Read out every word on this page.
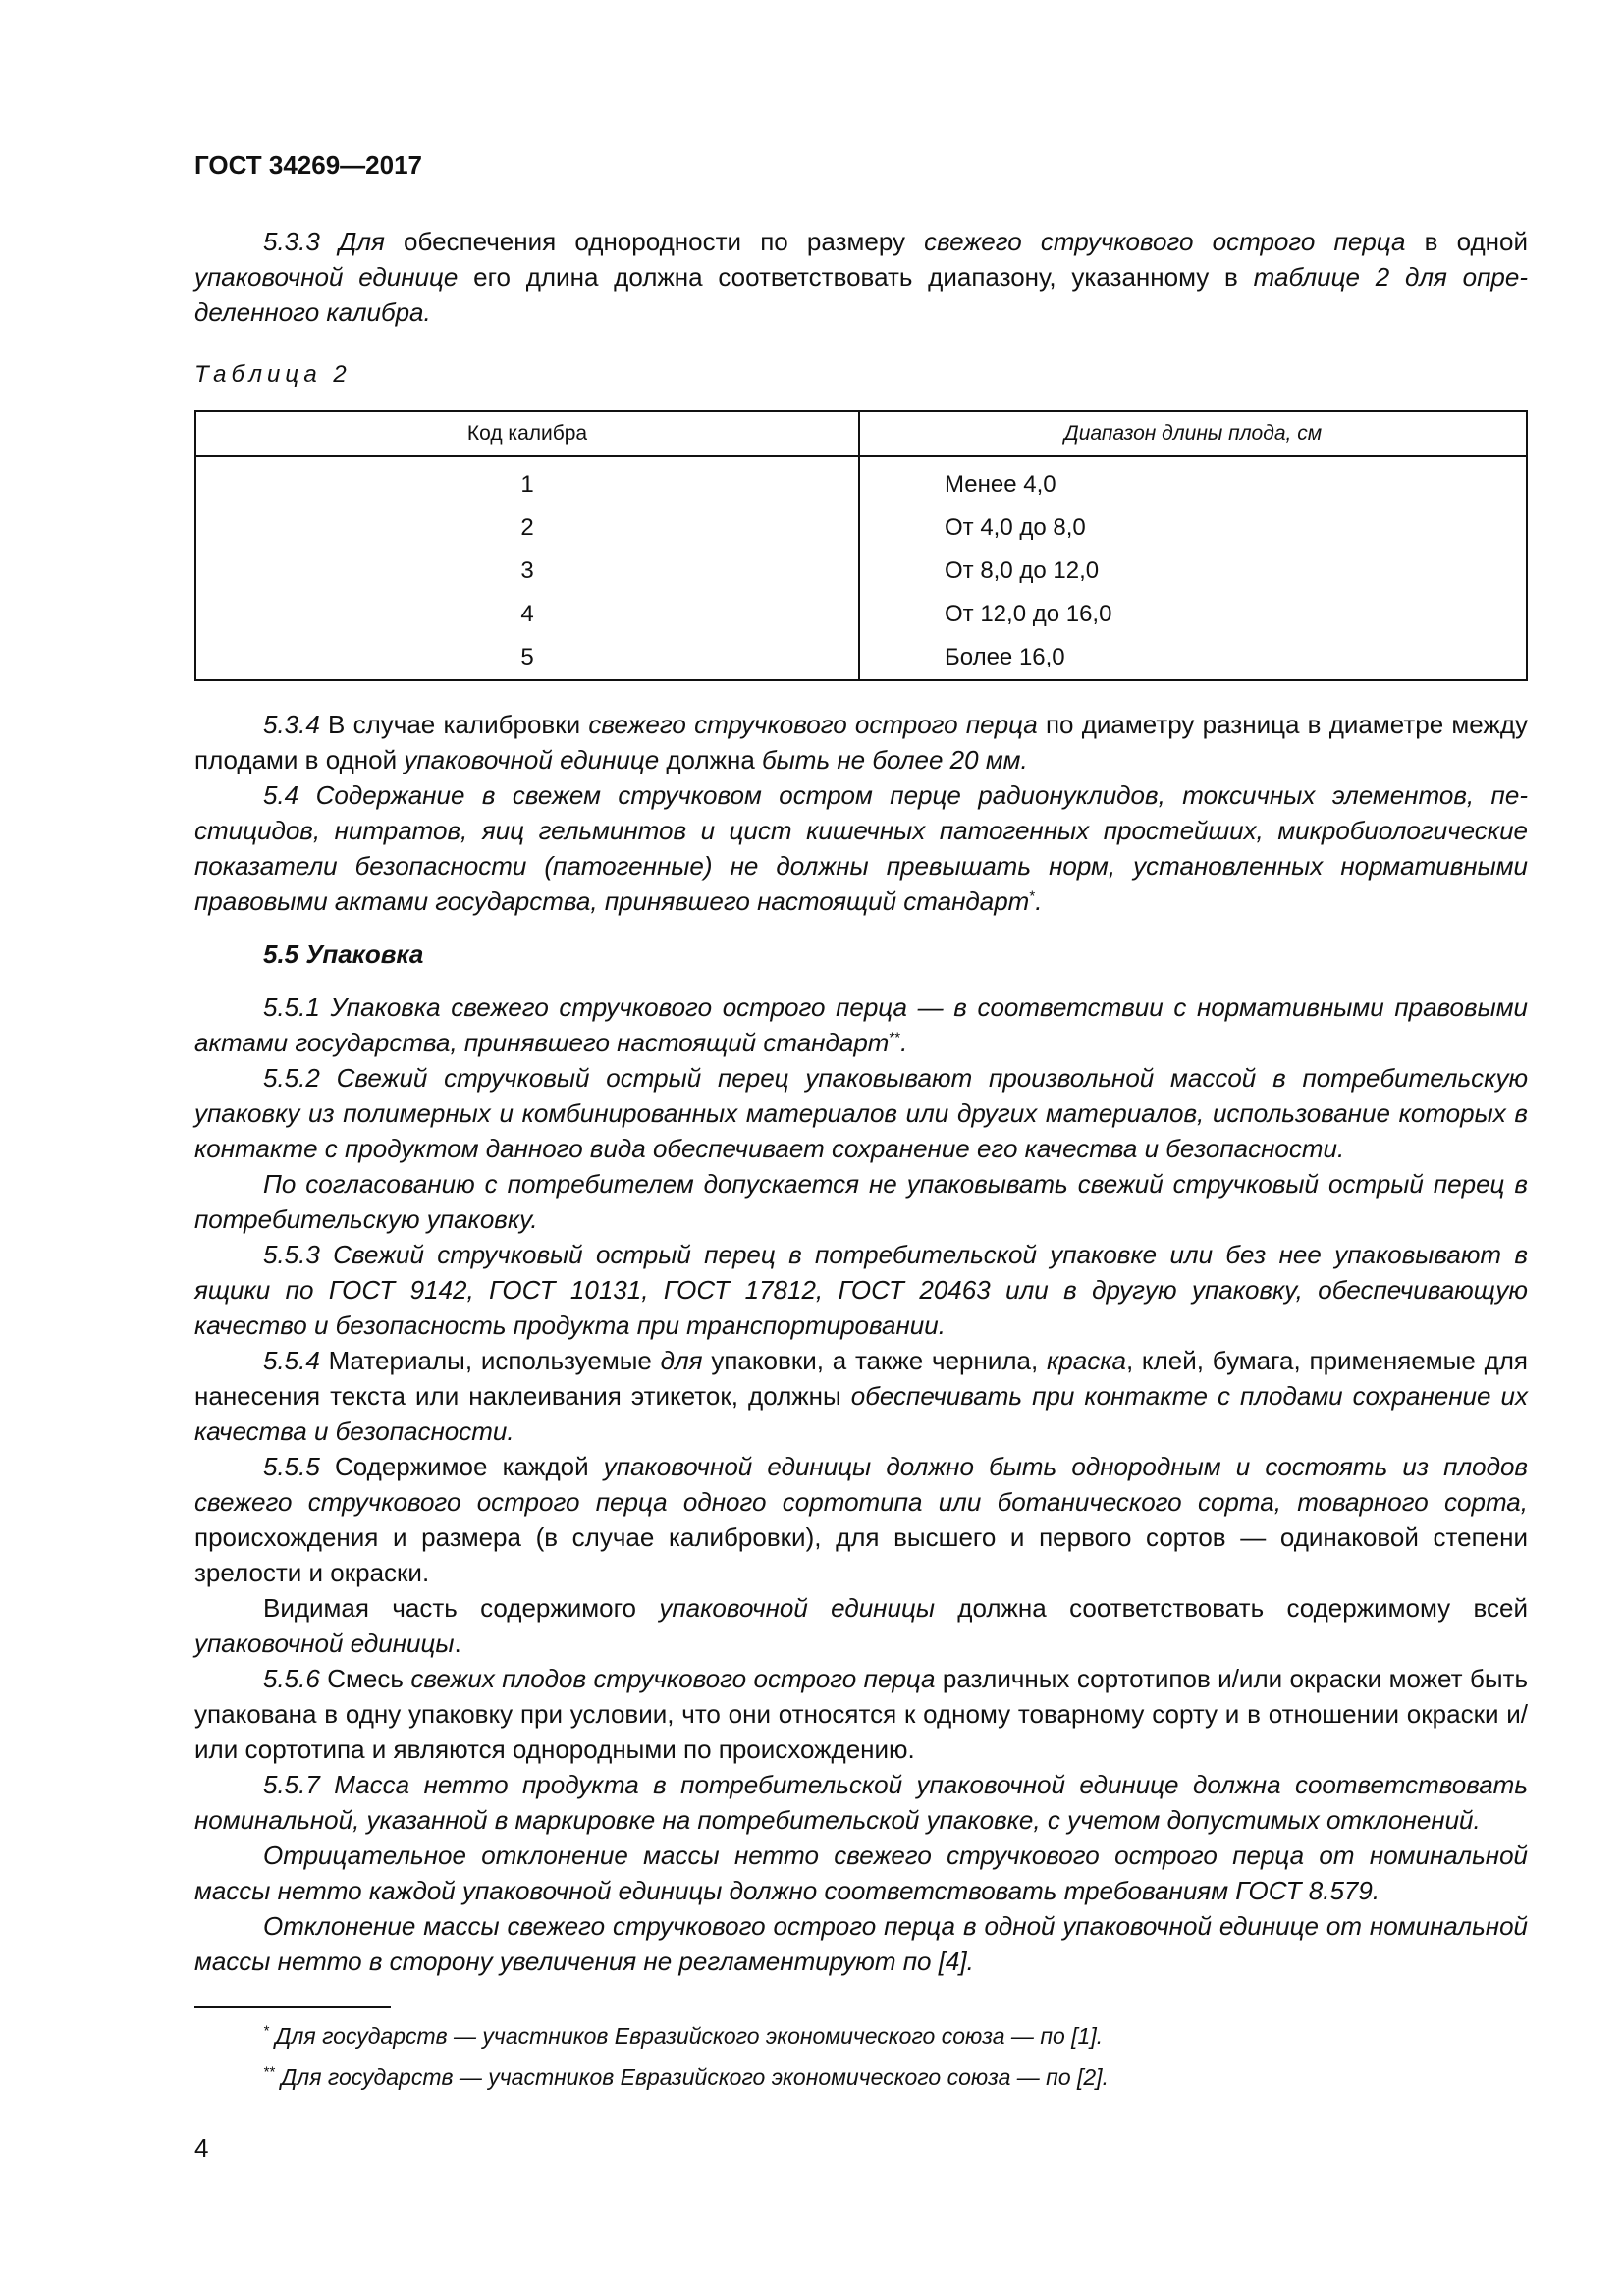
ГОСТ 34269—2017

5.3.3 Для обеспечения однородности по размеру свежего стручкового острого перца в одной упаковочной единице его длина должна соответствовать диапазону, указанному в таблице 2 для определенного калибра.

Таблица 2
Код калибра	Диапазон длины плода, см
1	Менее 4,0
2	От 4,0 до 8,0
3	От 8,0 до 12,0
4	От 12,0 до 16,0
5	Более 16,0

5.3.4 В случае калибровки свежего стручкового острого перца по диаметру разница в диаметре между плодами в одной упаковочной единице должна быть не более 20 мм.

5.4 Содержание в свежем стручковом остром перце радионуклидов, токсичных элементов, пестицидов, нитратов, яиц гельминтов и цист кишечных патогенных простейших, микробиологические показатели безопасности (патогенные) не должны превышать норм, установленных нормативными правовыми актами государства, принявшего настоящий стандарт*.

5.5 Упаковка

5.5.1 Упаковка свежего стручкового острого перца — в соответствии с нормативными правовыми актами государства, принявшего настоящий стандарт**.

5.5.2 Свежий стручковый острый перец упаковывают произвольной массой в потребительскую упаковку из полимерных и комбинированных материалов или других материалов, использование которых в контакте с продуктом данного вида обеспечивает сохранение его качества и безопасности.

По согласованию с потребителем допускается не упаковывать свежий стручковый острый перец в потребительскую упаковку.

5.5.3 Свежий стручковый острый перец в потребительской упаковке или без нее упаковывают в ящики по ГОСТ 9142, ГОСТ 10131, ГОСТ 17812, ГОСТ 20463 или в другую упаковку, обеспечивающую качество и безопасность продукта при транспортировании.

5.5.4 Материалы, используемые для упаковки, а также чернила, краска, клей, бумага, применяемые для нанесения текста или наклеивания этикеток, должны обеспечивать при контакте с плодами сохранение их качества и безопасности.

5.5.5 Содержимое каждой упаковочной единицы должно быть однородным и состоять из плодов свежего стручкового острого перца одного сортотипа или ботанического сорта, товарного сорта, происхождения и размера (в случае калибровки), для высшего и первого сортов — одинаковой степени зрелости и окраски.

Видимая часть содержимого упаковочной единицы должна соответствовать содержимому всей упаковочной единицы.

5.5.6 Смесь свежих плодов стручкового острого перца различных сортотипов и/или окраски может быть упакована в одну упаковку при условии, что они относятся к одному товарному сорту и в отношении окраски и/или сортотипа и являются однородными по происхождению.

5.5.7 Масса нетто продукта в потребительской упаковочной единице должна соответствовать номинальной, указанной в маркировке на потребительской упаковке, с учетом допустимых отклонений.

Отрицательное отклонение массы нетто свежего стручкового острого перца от номинальной массы нетто каждой упаковочной единицы должно соответствовать требованиям ГОСТ 8.579.

Отклонение массы свежего стручкового острого перца в одной упаковочной единице от номинальной массы нетто в сторону увеличения не регламентируют по [4].

* Для государств — участников Евразийского экономического союза — по [1].
** Для государств — участников Евразийского экономического союза — по [2].
4
